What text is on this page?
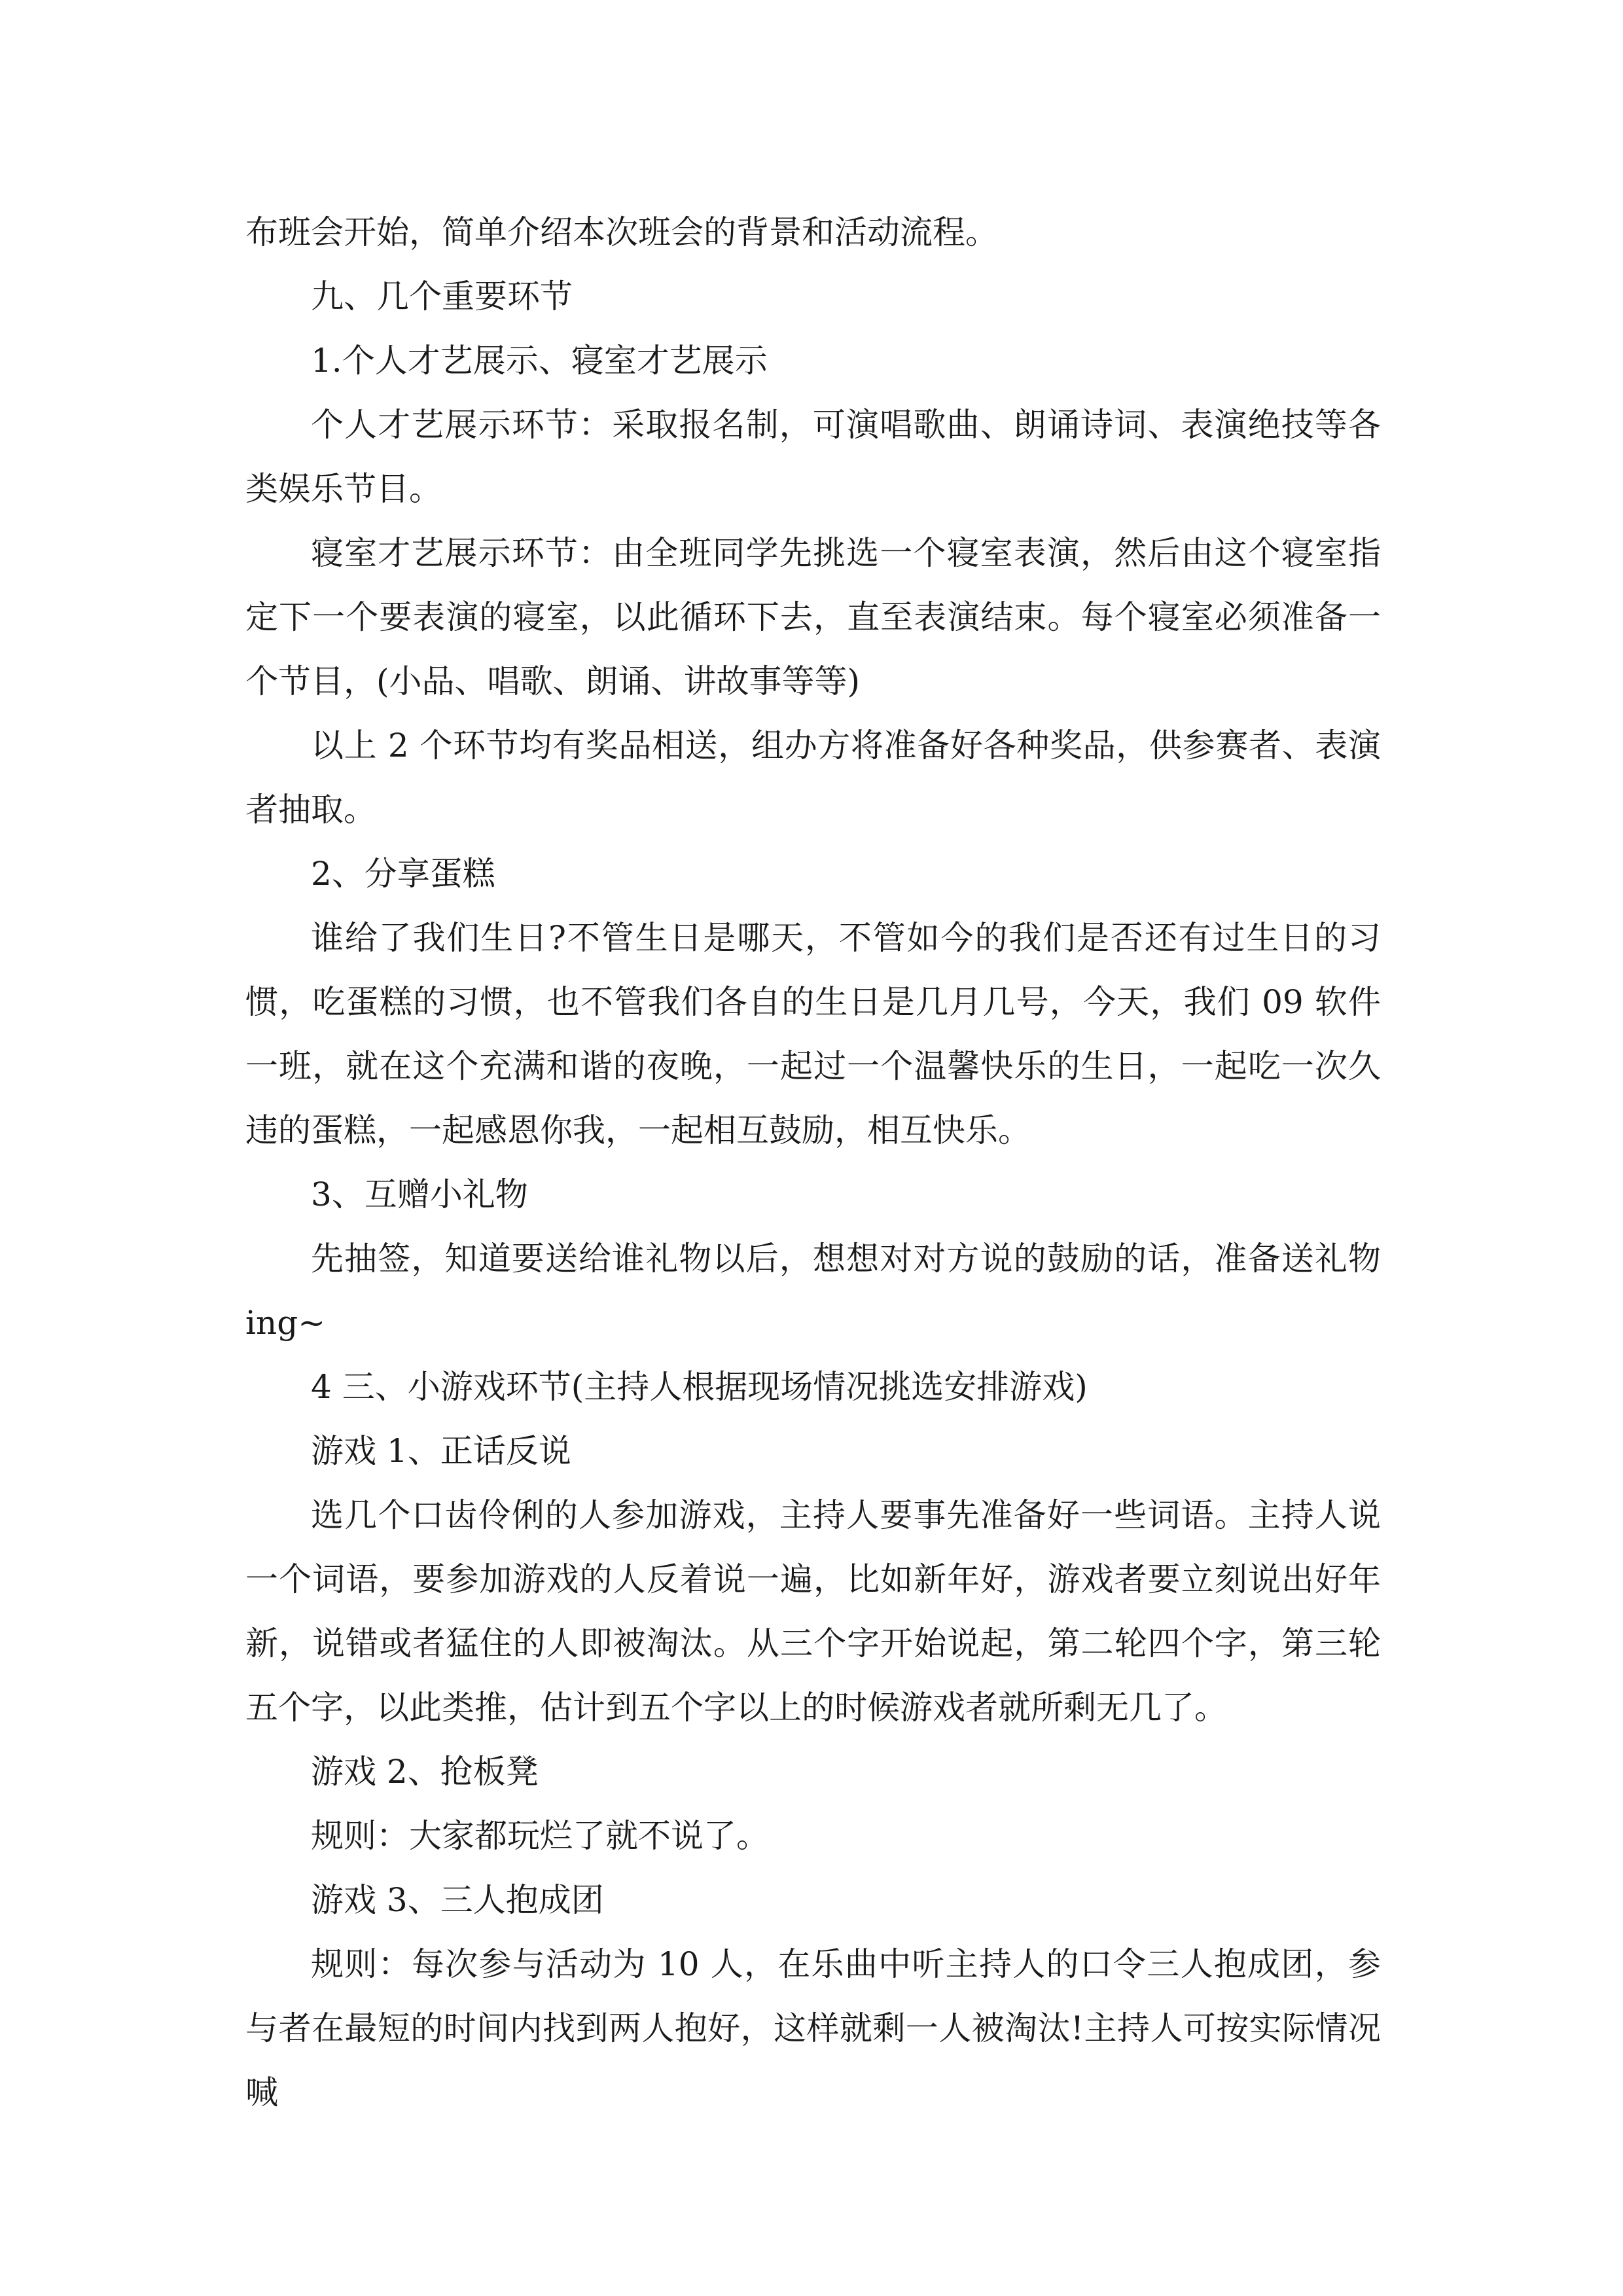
布班会开始，简单介绍本次班会的背景和活动流程。

九、几个重要环节

1.个人才艺展示、寝室才艺展示

个人才艺展示环节：采取报名制，可演唱歌曲、朗诵诗词、表演绝技等各类娱乐节目。

寝室才艺展示环节：由全班同学先挑选一个寝室表演，然后由这个寝室指定下一个要表演的寝室，以此循环下去，直至表演结束。每个寝室必须准备一个节目，(小品、唱歌、朗诵、讲故事等等)

以上 2 个环节均有奖品相送，组办方将准备好各种奖品，供参赛者、表演者抽取。

2、分享蛋糕

谁给了我们生日?不管生日是哪天，不管如今的我们是否还有过生日的习惯，吃蛋糕的习惯，也不管我们各自的生日是几月几号，今天，我们 09 软件一班，就在这个充满和谐的夜晚，一起过一个温馨快乐的生日，一起吃一次久违的蛋糕，一起感恩你我，一起相互鼓励，相互快乐。

3、互赠小礼物

先抽签，知道要送给谁礼物以后，想想对对方说的鼓励的话，准备送礼物ing~

4 三、小游戏环节(主持人根据现场情况挑选安排游戏)

游戏 1、正话反说

选几个口齿伶俐的人参加游戏，主持人要事先准备好一些词语。主持人说一个词语，要参加游戏的人反着说一遍，比如新年好，游戏者要立刻说出好年新，说错或者猛住的人即被淘汰。从三个字开始说起，第二轮四个字，第三轮五个字，以此类推，估计到五个字以上的时候游戏者就所剩无几了。

游戏 2、抢板凳

规则：大家都玩烂了就不说了。

游戏 3、三人抱成团

规则：每次参与活动为 10 人，在乐曲中听主持人的口令三人抱成团，参与者在最短的时间内找到两人抱好，这样就剩一人被淘汰!主持人可按实际情况喊
